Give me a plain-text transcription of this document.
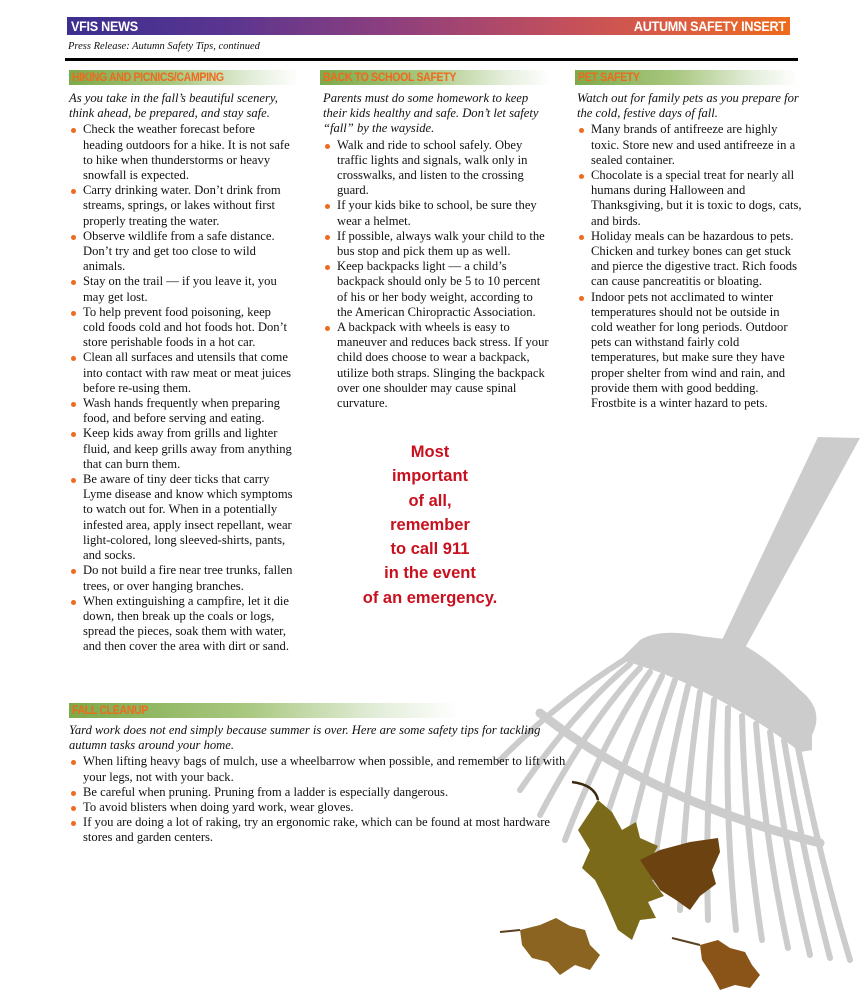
VFIS NEWS	AUTUMN SAFETY INSERT
Press Release: Autumn Safety Tips, continued
HIKING AND PICNICS/CAMPING
As you take in the fall’s beautiful scenery, think ahead, be prepared, and stay safe.
Check the weather forecast before heading outdoors for a hike. It is not safe to hike when thunderstorms or heavy snowfall is expected.
Carry drinking water. Don’t drink from streams, springs, or lakes without first properly treating the water.
Observe wildlife from a safe distance. Don’t try and get too close to wild animals.
Stay on the trail — if you leave it, you may get lost.
To help prevent food poisoning, keep cold foods cold and hot foods hot. Don’t store perishable foods in a hot car.
Clean all surfaces and utensils that come into contact with raw meat or meat juices before re-using them.
Wash hands frequently when preparing food, and before serving and eating.
Keep kids away from grills and lighter fluid, and keep grills away from anything that can burn them.
Be aware of tiny deer ticks that carry Lyme disease and know which symptoms to watch out for. When in a potentially infested area, apply insect repellant, wear light-colored, long sleeved-shirts, pants, and socks.
Do not build a fire near tree trunks, fallen trees, or over hanging branches.
When extinguishing a campfire, let it die down, then break up the coals or logs, spread the pieces, soak them with water, and then cover the area with dirt or sand.
BACK TO SCHOOL SAFETY
Parents must do some homework to keep their kids healthy and safe. Don’t let safety “fall” by the wayside.
Walk and ride to school safely. Obey traffic lights and signals, walk only in crosswalks, and listen to the crossing guard.
If your kids bike to school, be sure they wear a helmet.
If possible, always walk your child to the bus stop and pick them up as well.
Keep backpacks light — a child’s backpack should only be 5 to 10 percent of his or her body weight, according to the American Chiropractic Association.
A backpack with wheels is easy to maneuver and reduces back stress. If your child does choose to wear a backpack, utilize both straps. Slinging the backpack over one shoulder may cause spinal curvature.
PET SAFETY
Watch out for family pets as you prepare for the cold, festive days of fall.
Many brands of antifreeze are highly toxic. Store new and used antifreeze in a sealed container.
Chocolate is a special treat for nearly all humans during Halloween and Thanksgiving, but it is toxic to dogs, cats, and birds.
Holiday meals can be hazardous to pets. Chicken and turkey bones can get stuck and pierce the digestive tract. Rich foods can cause pancreatitis or bloating.
Indoor pets not acclimated to winter temperatures should not be outside in cold weather for long periods. Outdoor pets can withstand fairly cold temperatures, but make sure they have proper shelter from wind and rain, and provide them with good bedding. Frostbite is a winter hazard to pets.
Most
important
of all,
remember
to call 911
in the event
of an emergency.
FALL CLEANUP
Yard work does not end simply because summer is over. Here are some safety tips for tackling autumn tasks around your home.
When lifting heavy bags of mulch, use a wheelbarrow when possible, and remember to lift with your legs, not with your back.
Be careful when pruning. Pruning from a ladder is especially dangerous.
To avoid blisters when doing yard work, wear gloves.
If you are doing a lot of raking, try an ergonomic rake, which can be found at most hardware stores and garden centers.
